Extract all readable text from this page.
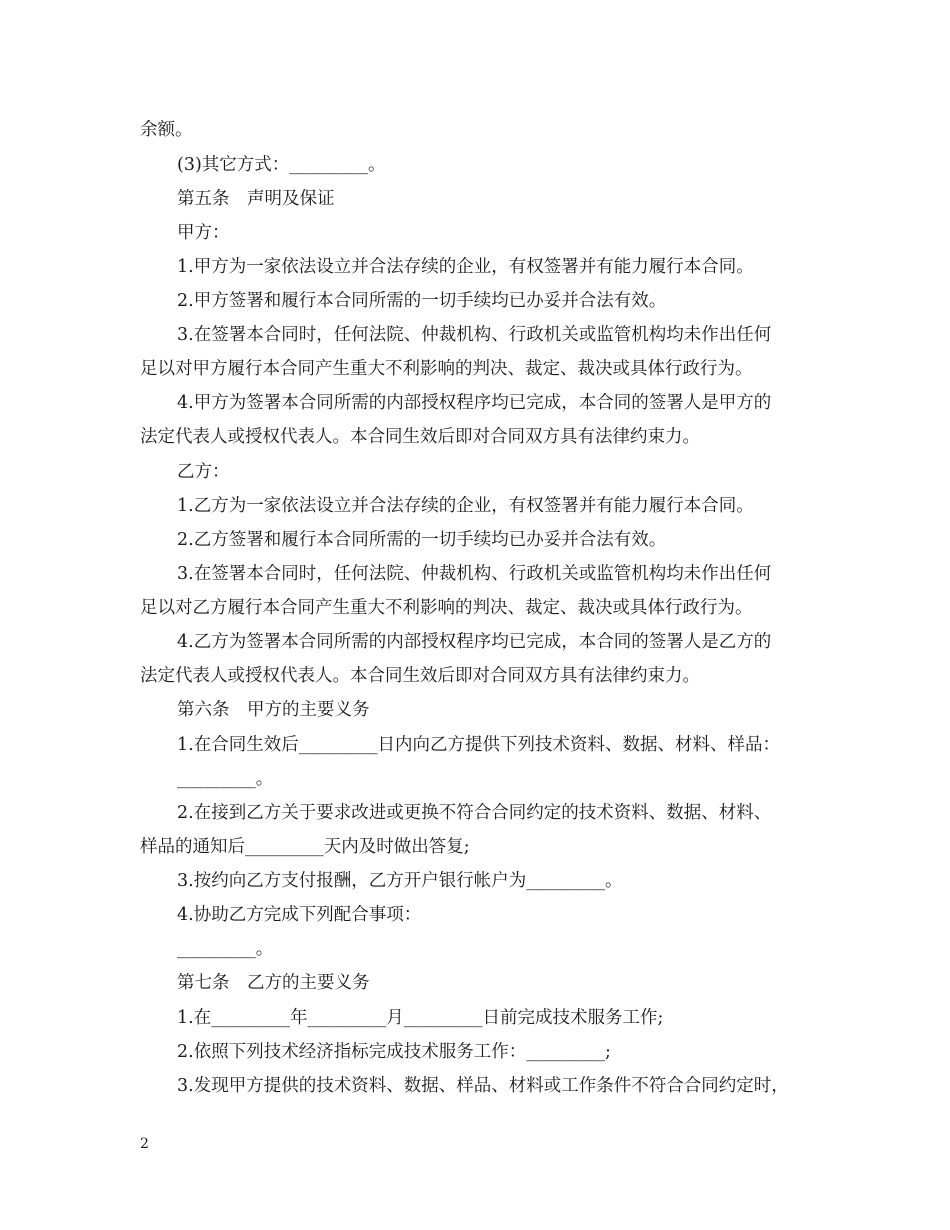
余额。
(3)其它方式：_________。
第五条　声明及保证
甲方：
1.甲方为一家依法设立并合法存续的企业，有权签署并有能力履行本合同。
2.甲方签署和履行本合同所需的一切手续均已办妥并合法有效。
3.在签署本合同时，任何法院、仲裁机构、行政机关或监管机构均未作出任何
足以对甲方履行本合同产生重大不利影响的判决、裁定、裁决或具体行政行为。
4.甲方为签署本合同所需的内部授权程序均已完成，本合同的签署人是甲方的
法定代表人或授权代表人。本合同生效后即对合同双方具有法律约束力。
乙方：
1.乙方为一家依法设立并合法存续的企业，有权签署并有能力履行本合同。
2.乙方签署和履行本合同所需的一切手续均已办妥并合法有效。
3.在签署本合同时，任何法院、仲裁机构、行政机关或监管机构均未作出任何
足以对乙方履行本合同产生重大不利影响的判决、裁定、裁决或具体行政行为。
4.乙方为签署本合同所需的内部授权程序均已完成，本合同的签署人是乙方的
法定代表人或授权代表人。本合同生效后即对合同双方具有法律约束力。
第六条　甲方的主要义务
1.在合同生效后_________日内向乙方提供下列技术资料、数据、材料、样品：
_________。
2.在接到乙方关于要求改进或更换不符合合同约定的技术资料、数据、材料、
样品的通知后_________天内及时做出答复;
3.按约向乙方支付报酬，乙方开户银行帐户为_________。
4.协助乙方完成下列配合事项：
_________。
第七条　乙方的主要义务
1.在_________年_________月_________日前完成技术服务工作;
2.依照下列技术经济指标完成技术服务工作：_________;
3.发现甲方提供的技术资料、数据、样品、材料或工作条件不符合合同约定时，
2
